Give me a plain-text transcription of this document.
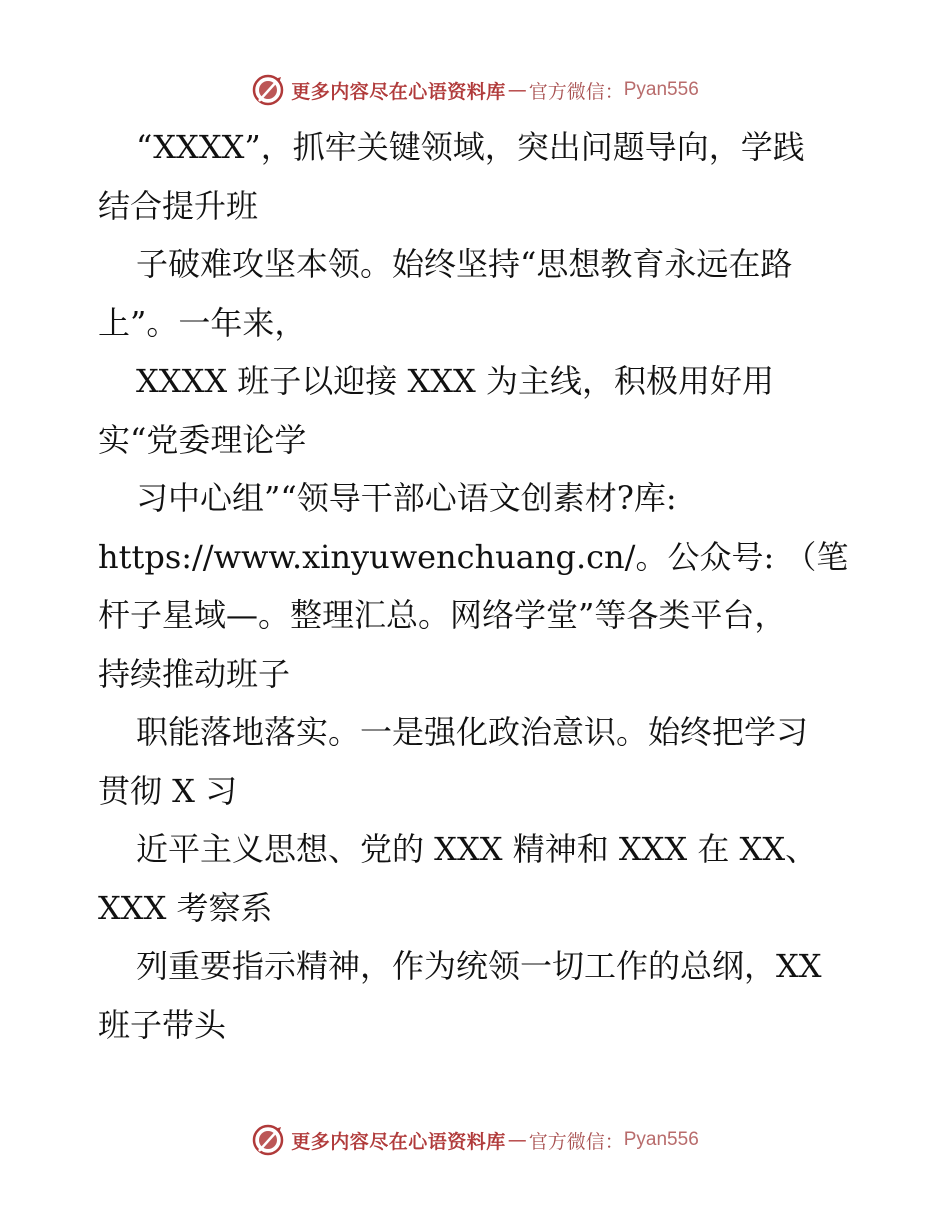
更多内容尽在心语资料库 — 官方微信： Pyan556
“XXXX”，抓牢关键领域，突出问题导向，学践
结合提升班
子破难攻坚本领。始终坚持“思想教育永远在路
上”。一年来，
XXXX 班子以迎接 XXX 为主线，积极用好用
实“党委理论学
习中心组”“领导干部心语文创素材?库:
https://www.xinyuwenchuang.cn/。公众号: （笔
杆子星域—。整理汇总。网络学堂”等各类平台，
持续推动班子
职能落地落实。一是强化政治意识。始终把学习
贯彻 X 习
近平主义思想、党的 XXX 精神和 XXX 在 XX、
XXX 考察系
列重要指示精神，作为统领一切工作的总纲，XX
班子带头
更多内容尽在心语资料库 — 官方微信： Pyan556
